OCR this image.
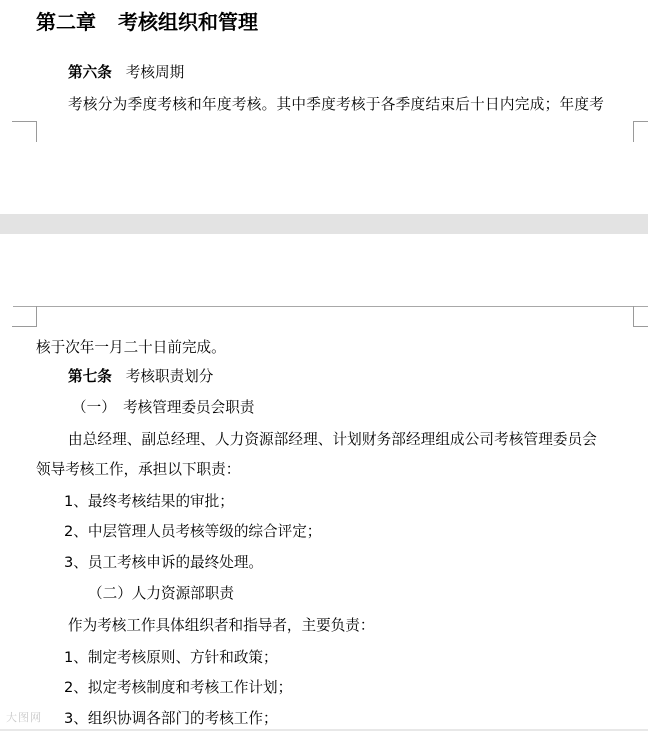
第二章 考核组织和管理
第六条 考核周期
考核分为季度考核和年度考核。其中季度考核于各季度结束后十日内完成；年度考
核于次年一月二十日前完成。
第七条 考核职责划分
（一）　考核管理委员会职责
由总经理、副总经理、人力资源部经理、计划财务部经理组成公司考核管理委员会
领导考核工作，承担以下职责：
1、最终考核结果的审批；
2、中层管理人员考核等级的综合评定；
3、员工考核申诉的最终处理。
（二）人力资源部职责
作为考核工作具体组织者和指导者，主要负责：
1、制定考核原则、方针和政策；
2、拟定考核制度和考核工作计划；
3、组织协调各部门的考核工作；
大图网
